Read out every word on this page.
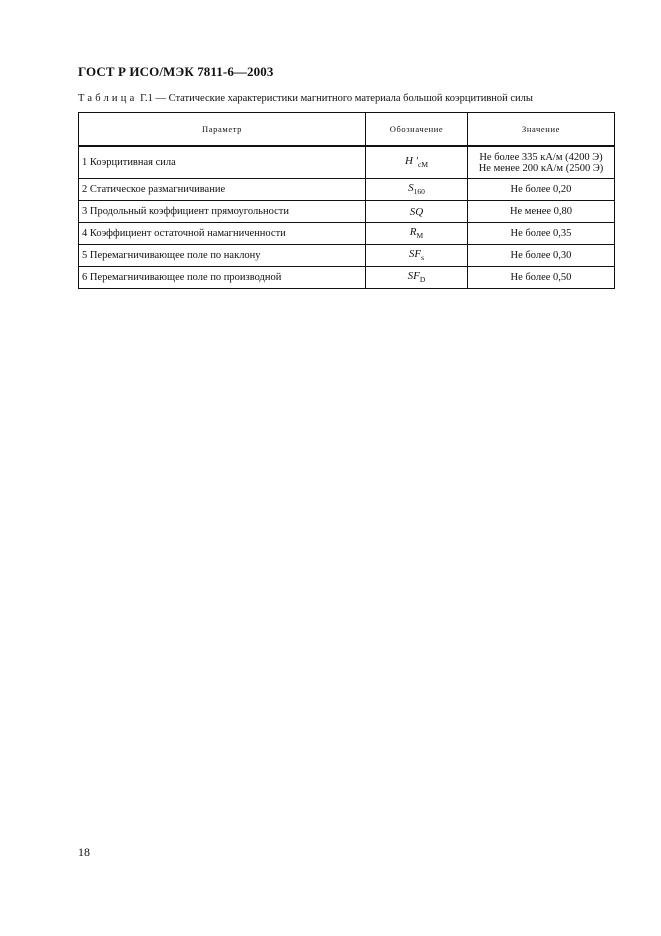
ГОСТ Р ИСО/МЭК 7811-6—2003
Таблица Г.1 — Статические характеристики магнитного материала большой коэрцитивной силы
Параметр	Обозначение	Значение
1 Коэрцитивная сила	H $'_{сМ}$	Не более 335 кА/м (4200 Э)
Не менее 200 кА/м (2500 Э)

2 Статическое размагничивание	$S_{160}$	Не более 0,20
3 Продольный коэффициент прямоугольности	SQ	Не менее 0,80
4 Коэффициент остаточной намагниченности	$R_М$	Не более 0,35
5 Перемагничивающее поле по наклону	$SF_s$	Не более 0,30
6 Перемагничивающее поле по производной	$SF_D$	Не более 0,50
18
